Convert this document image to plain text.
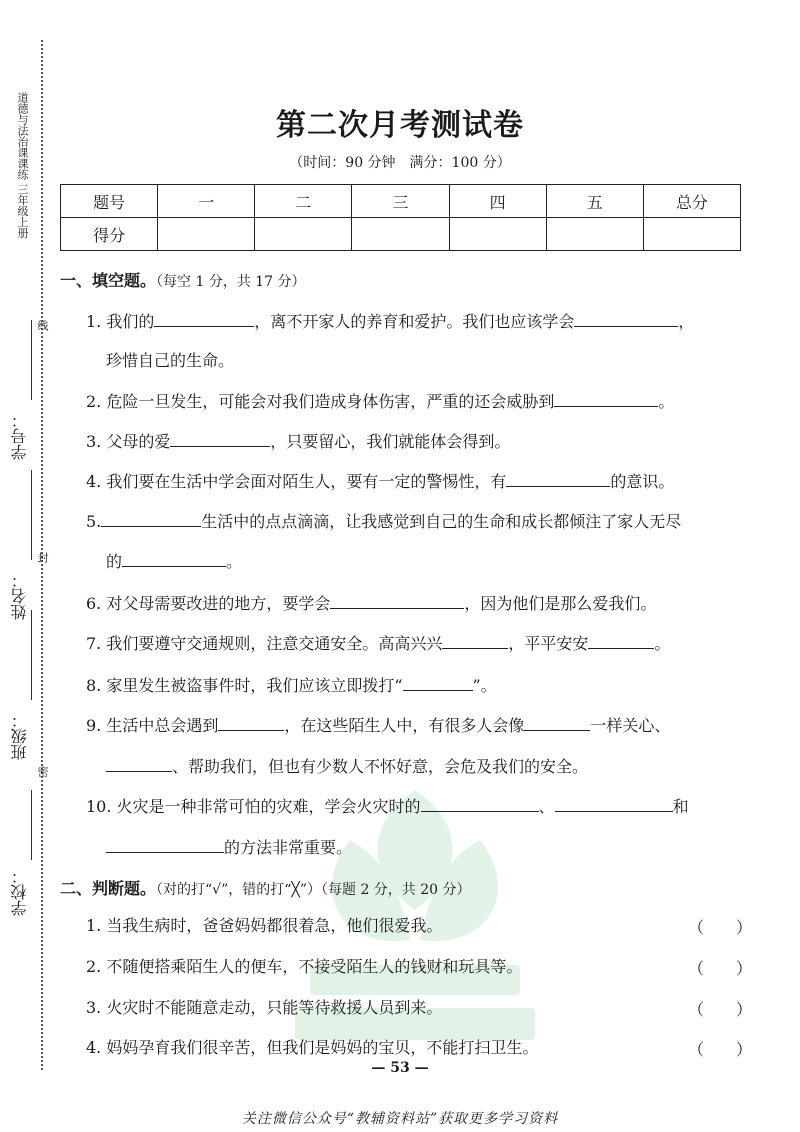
道德与法治课课练 三年级上册
学校：
班级：
姓名：
学号：
线
封
密
第二次月考测试卷
（时间：90 分钟　满分：100 分）
题号	一	二	三	四	五	总分
得分						
一、填空题。（每空 1 分，共 17 分）
1. 我们的	，离不开家人的养育和爱护。我们也应该学会	，
珍惜自己的生命。
2. 危险一旦发生，可能会对我们造成身体伤害，严重的还会威胁到	。
3. 父母的爱	，只要留心，我们就能体会得到。
4. 我们要在生活中学会面对陌生人，要有一定的警惕性，有	的意识。
5.	生活中的点点滴滴，让我感觉到自己的生命和成长都倾注了家人无尽
的	。
6. 对父母需要改进的地方，要学会	，因为他们是那么爱我们。
7. 我们要遵守交通规则，注意交通安全。高高兴兴	，平平安安	。
8. 家里发生被盗事件时，我们应该立即拨打“	”。
9. 生活中总会遇到	，在这些陌生人中，有很多人会像	一样关心、
、帮助我们，但也有少数人不怀好意，会危及我们的安全。
10. 火灾是一种非常可怕的灾难，学会火灾时的	、	和
的方法非常重要。
二、判断题。（对的打“√”，错的打“╳”）（每题 2 分，共 20 分）
1. 当我生病时，爸爸妈妈都很着急，他们很爱我。	（　　）
2. 不随便搭乘陌生人的便车，不接受陌生人的钱财和玩具等。	（　　）
3. 火灾时不能随意走动，只能等待救援人员到来。	（　　）
4. 妈妈孕育我们很辛苦，但我们是妈妈的宝贝，不能打扫卫生。	（　　）
— 53 —
关注微信公众号“教辅资料站”获取更多学习资料
